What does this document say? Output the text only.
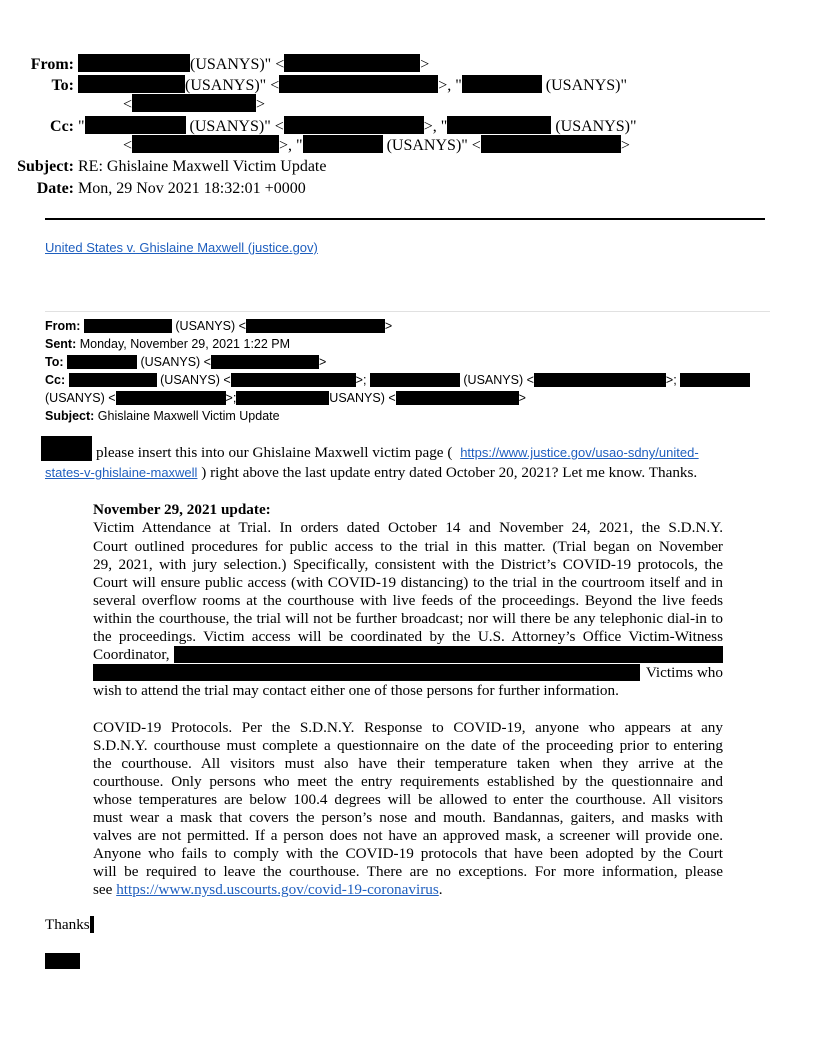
From:	(USANYS)" <	>
To:	(USANYS)" <	>, "	(USANYS)"
<	>
Cc: "	(USANYS)" <	>, "	(USANYS)"
<	>, "	(USANYS)" <	>
Subject: RE: Ghislaine Maxwell Victim Update
Date: Mon, 29 Nov 2021 18:32:01 +0000
United States v. Ghislaine Maxwell (justice.gov)
From:	(USANYS) <	>
Sent: Monday, November 29, 2021 1:22 PM
To:	(USANYS) <	>
Cc:	(USANYS) <	>;	(USANYS) <	>;
(USANYS) <	>;	USANYS) <	>
Subject: Ghislaine Maxwell Victim Update
please insert this into our Ghislaine Maxwell victim page ( https://www.justice.gov/usao-sdny/united-
states-v-ghislaine-maxwell ) right above the last update entry dated October 20, 2021? Let me know. Thanks.
November 29, 2021 update:
Victim Attendance at Trial. In orders dated October 14 and November 24, 2021, the S.D.N.Y.
Court outlined procedures for public access to the trial in this matter. (Trial began on November
29, 2021, with jury selection.) Specifically, consistent with the District’s COVID-19 protocols, the
Court will ensure public access (with COVID-19 distancing) to the trial in the courtroom itself and in
several overflow rooms at the courthouse with live feeds of the proceedings. Beyond the live feeds
within the courthouse, the trial will not be further broadcast; nor will there be any telephonic dial-in to
the proceedings. Victim access will be coordinated by the U.S. Attorney’s Office Victim-Witness
Coordinator,
Victims who
wish to attend the trial may contact either one of those persons for further information.
COVID-19 Protocols. Per the S.D.N.Y. Response to COVID-19, anyone who appears at any
S.D.N.Y. courthouse must complete a questionnaire on the date of the proceeding prior to entering
the courthouse. All visitors must also have their temperature taken when they arrive at the
courthouse. Only persons who meet the entry requirements established by the questionnaire and
whose temperatures are below 100.4 degrees will be allowed to enter the courthouse. All visitors
must wear a mask that covers the person’s nose and mouth. Bandannas, gaiters, and masks with
valves are not permitted. If a person does not have an approved mask, a screener will provide one.
Anyone who fails to comply with the COVID-19 protocols that have been adopted by the Court
will be required to leave the courthouse. There are no exceptions. For more information, please
see https://www.nysd.uscourts.gov/covid-19-coronavirus.
Thanks
